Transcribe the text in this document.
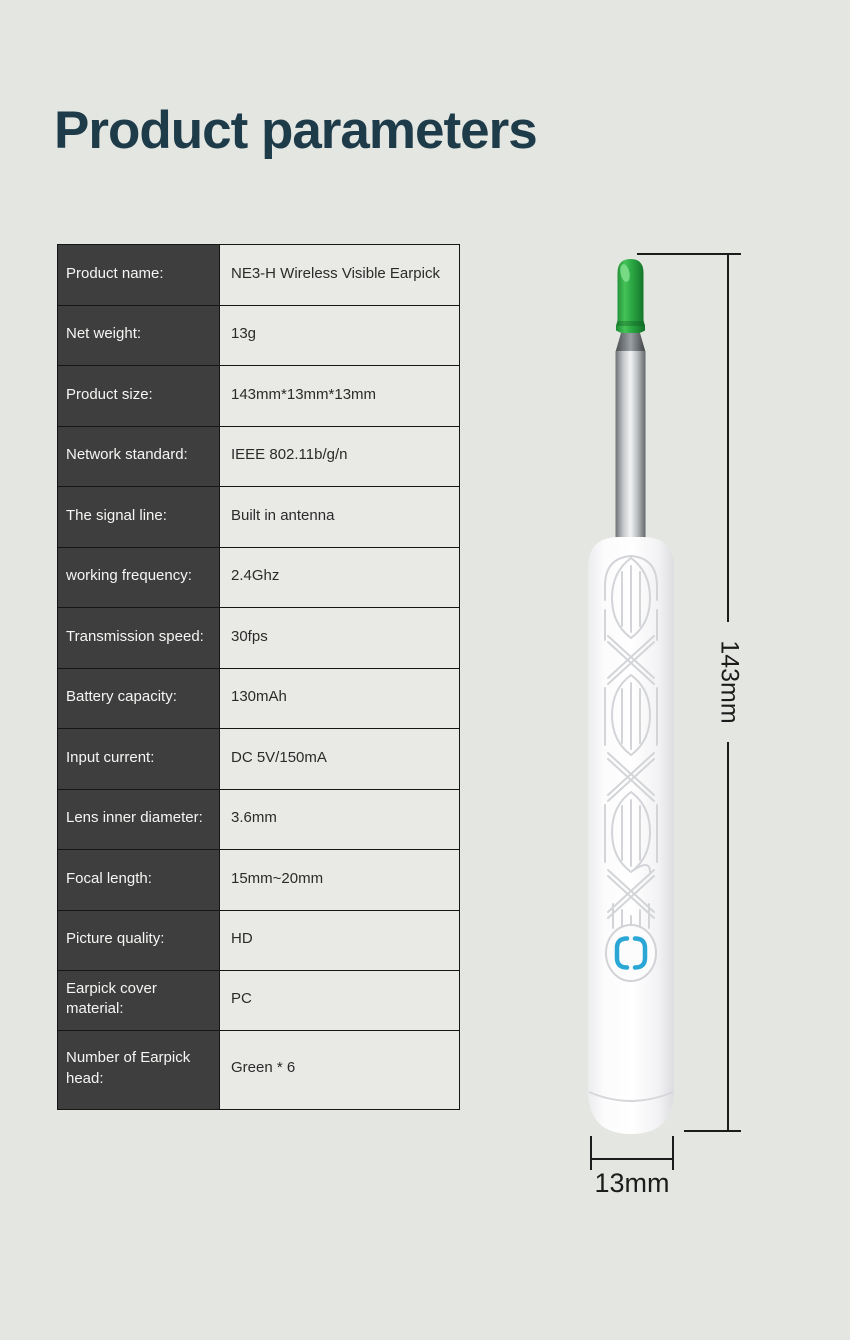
Product parameters
Product name:	NE3-H Wireless Visible Earpick
Net weight:	13g
Product size:	143mm*13mm*13mm
Network standard:	IEEE 802.11b/g/n
The signal line:	Built in antenna
working frequency:	2.4Ghz
Transmission speed:	30fps
Battery capacity:	130mAh
Input current:	DC 5V/150mA
Lens inner diameter:	3.6mm
Focal length:	15mm~20mm
Picture quality:	HD
Earpick cover material:	PC
Number of Earpick head:	Green * 6
143mm
13mm
